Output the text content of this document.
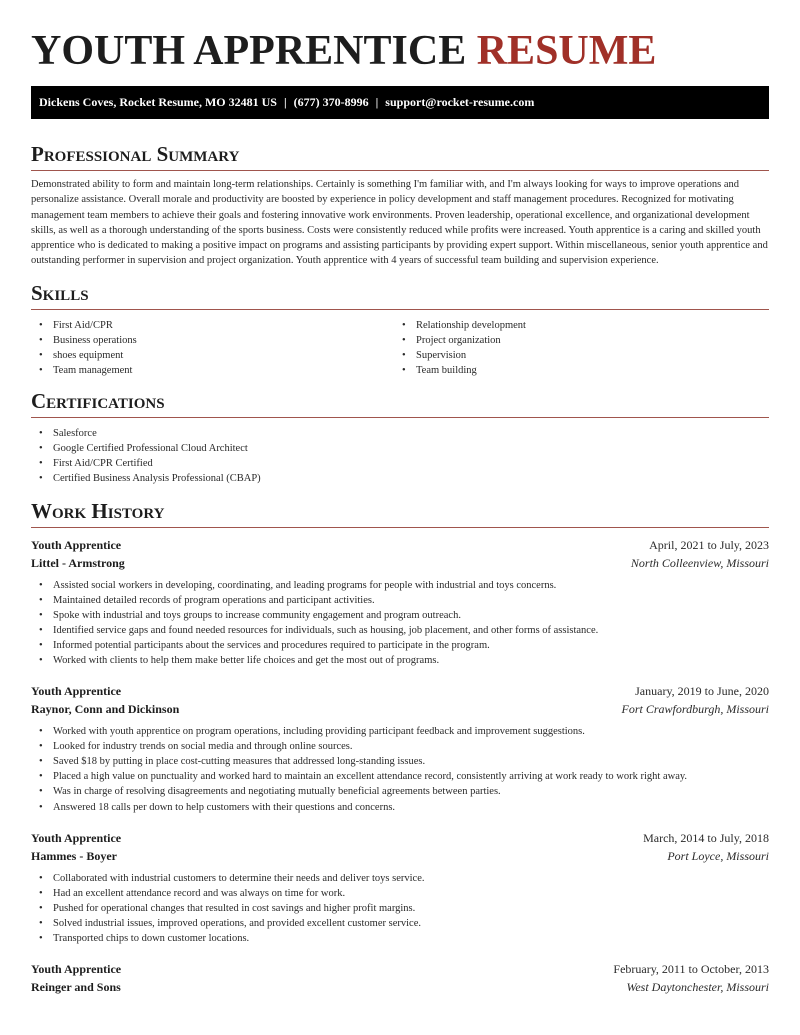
YOUTH APPRENTICE RESUME
Dickens Coves, Rocket Resume, MO 32481 US | (677) 370-8996 | support@rocket-resume.com
Professional Summary

Demonstrated ability to form and maintain long-term relationships. Certainly is something I'm familiar with, and I'm always looking for ways to improve operations and personalize assistance. Overall morale and productivity are boosted by experience in policy development and staff management procedures. Recognized for motivating management team members to achieve their goals and fostering innovative work environments. Proven leadership, operational excellence, and organizational development skills, as well as a thorough understanding of the sports business. Costs were consistently reduced while profits were increased. Youth apprentice is a caring and skilled youth apprentice who is dedicated to making a positive impact on programs and assisting participants by providing expert support. Within miscellaneous, senior youth apprentice and outstanding performer in supervision and project organization. Youth apprentice with 4 years of successful team building and supervision experience.

Skills
• First Aid/CPR
• Business operations
• shoes equipment
• Team management
• Relationship development
• Project organization
• Supervision
• Team building
Certifications
• Salesforce
• Google Certified Professional Cloud Architect
• First Aid/CPR Certified
• Certified Business Analysis Professional (CBAP)
Work History
Youth Apprentice	April, 2021 to July, 2023
Littel - Armstrong	North Colleenview, Missouri
• Assisted social workers in developing, coordinating, and leading programs for people with industrial and toys concerns.
• Maintained detailed records of program operations and participant activities.
• Spoke with industrial and toys groups to increase community engagement and program outreach.
• Identified service gaps and found needed resources for individuals, such as housing, job placement, and other forms of assistance.
• Informed potential participants about the services and procedures required to participate in the program.
• Worked with clients to help them make better life choices and get the most out of programs.
Youth Apprentice	January, 2019 to June, 2020
Raynor, Conn and Dickinson	Fort Crawfordburgh, Missouri
• Worked with youth apprentice on program operations, including providing participant feedback and improvement suggestions.
• Looked for industry trends on social media and through online sources.
• Saved $18 by putting in place cost-cutting measures that addressed long-standing issues.
• Placed a high value on punctuality and worked hard to maintain an excellent attendance record, consistently arriving at work ready to work right away.
• Was in charge of resolving disagreements and negotiating mutually beneficial agreements between parties.
• Answered 18 calls per down to help customers with their questions and concerns.
Youth Apprentice	March, 2014 to July, 2018
Hammes - Boyer	Port Loyce, Missouri
• Collaborated with industrial customers to determine their needs and deliver toys service.
• Had an excellent attendance record and was always on time for work.
• Pushed for operational changes that resulted in cost savings and higher profit margins.
• Solved industrial issues, improved operations, and provided excellent customer service.
• Transported chips to down customer locations.
Youth Apprentice	February, 2011 to October, 2013
Reinger and Sons	West Daytonchester, Missouri
